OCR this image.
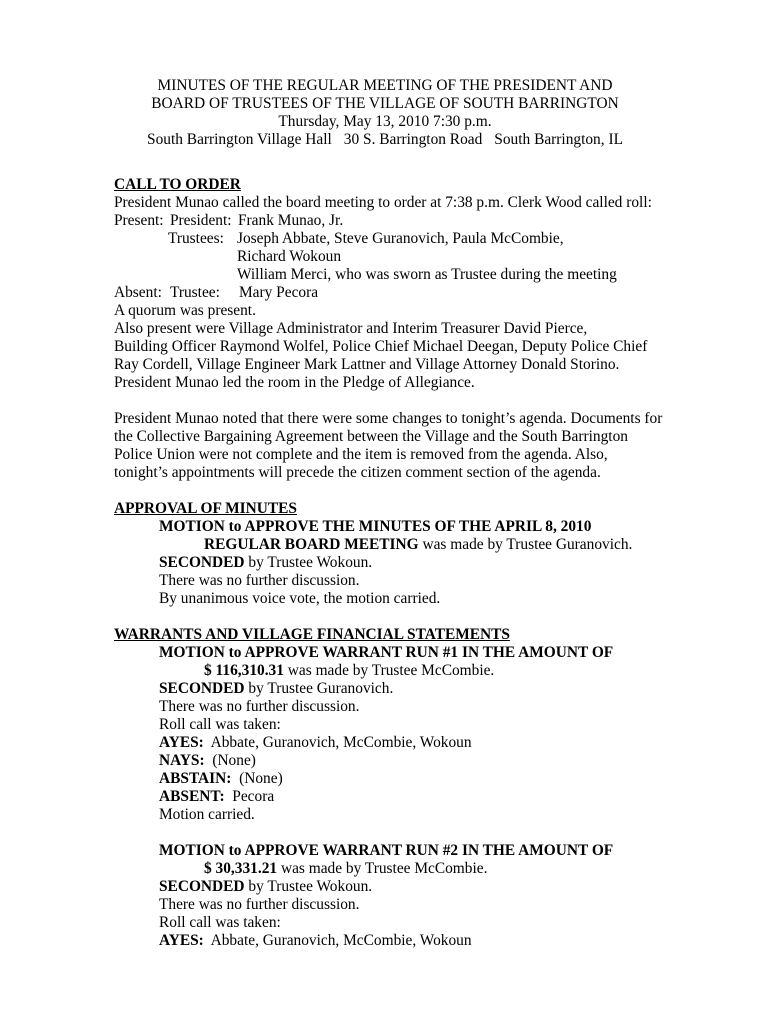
MINUTES OF THE REGULAR MEETING OF THE PRESIDENT AND
BOARD OF TRUSTEES OF THE VILLAGE OF SOUTH BARRINGTON
Thursday, May 13, 2010 7:30 p.m.
South Barrington Village Hall 30 S. Barrington Road South Barrington, IL
CALL TO ORDER
President Munao called the board meeting to order at 7:38 p.m. Clerk Wood called roll:
Present: President: Frank Munao, Jr.
Trustees: Joseph Abbate, Steve Guranovich, Paula McCombie,
Richard Wokoun
William Merci, who was sworn as Trustee during the meeting
Absent: Trustee: Mary Pecora
A quorum was present.
Also present were Village Administrator and Interim Treasurer David Pierce,
Building Officer Raymond Wolfel, Police Chief Michael Deegan, Deputy Police Chief
Ray Cordell, Village Engineer Mark Lattner and Village Attorney Donald Storino.
President Munao led the room in the Pledge of Allegiance.
President Munao noted that there were some changes to tonight’s agenda. Documents for
the Collective Bargaining Agreement between the Village and the South Barrington
Police Union were not complete and the item is removed from the agenda. Also,
tonight’s appointments will precede the citizen comment section of the agenda.
APPROVAL OF MINUTES
MOTION to APPROVE THE MINUTES OF THE APRIL 8, 2010
REGULAR BOARD MEETING was made by Trustee Guranovich.
SECONDED by Trustee Wokoun.
There was no further discussion.
By unanimous voice vote, the motion carried.
WARRANTS AND VILLAGE FINANCIAL STATEMENTS
MOTION to APPROVE WARRANT RUN #1 IN THE AMOUNT OF
$ 116,310.31 was made by Trustee McCombie.
SECONDED by Trustee Guranovich.
There was no further discussion.
Roll call was taken:
AYES:  Abbate, Guranovich, McCombie, Wokoun
NAYS:  (None)
ABSTAIN:  (None)
ABSENT:  Pecora
Motion carried.
MOTION to APPROVE WARRANT RUN #2 IN THE AMOUNT OF
$ 30,331.21 was made by Trustee McCombie.
SECONDED by Trustee Wokoun.
There was no further discussion.
Roll call was taken:
AYES:  Abbate, Guranovich, McCombie, Wokoun
